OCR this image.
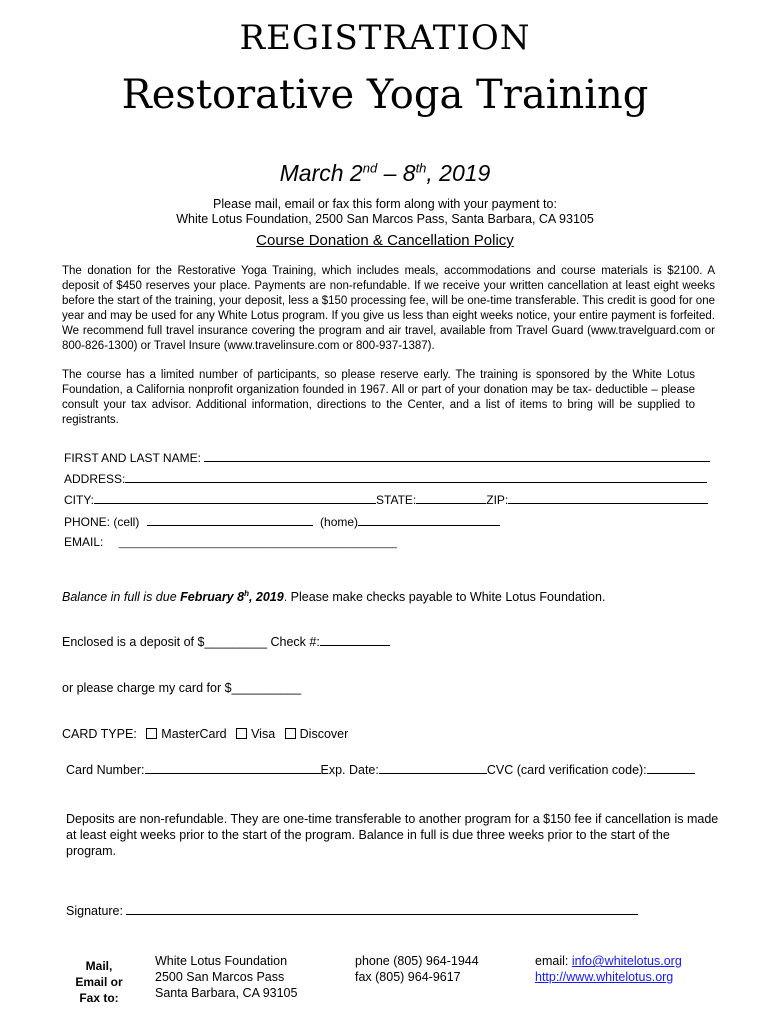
REGISTRATION
Restorative Yoga Training
March 2nd – 8th, 2019
Please mail, email or fax this form along with your payment to:
White Lotus Foundation, 2500 San Marcos Pass, Santa Barbara, CA 93105
Course Donation & Cancellation Policy
The donation for the Restorative Yoga Training, which includes meals, accommodations and course materials is $2100. A deposit of $450 reserves your place. Payments are non-refundable. If we receive your written cancellation at least eight weeks before the start of the training, your deposit, less a $150 processing fee, will be one-time transferable. This credit is good for one year and may be used for any White Lotus program. If you give us less than eight weeks notice, your entire payment is forfeited. We recommend full travel insurance covering the program and air travel, available from Travel Guard (www.travelguard.com or 800-826-1300) or Travel Insure (www.travelinsure.com or 800-937-1387).
The course has a limited number of participants, so please reserve early. The training is sponsored by the White Lotus Foundation, a California nonprofit organization founded in 1967. All or part of your donation may be tax- deductible – please consult your tax advisor. Additional information, directions to the Center, and a list of items to bring will be supplied to registrants.
FIRST AND LAST NAME:
ADDRESS:
CITY:	STATE:	ZIP:
PHONE: (cell)	(home)
EMAIL: __________________________________________________
Balance in full is due February 8$^h$, 2019. Please make checks payable to White Lotus Foundation.
Enclosed is a deposit of $_________ Check #:
or please charge my card for $__________
CARD TYPE: MasterCard Visa Discover
Card Number:	Exp. Date:	CVC (card verification code):
Deposits are non-refundable. They are one-time transferable to another program for a $150 fee if cancellation is made at least eight weeks prior to the start of the program. Balance in full is due three weeks prior to the start of the program.
Signature:
Mail,
Email or
Fax to:
White Lotus Foundation
2500 San Marcos Pass
Santa Barbara, CA 93105
phone (805) 964-1944
fax (805) 964-9617
email: info@whitelotus.org
http://www.whitelotus.org
